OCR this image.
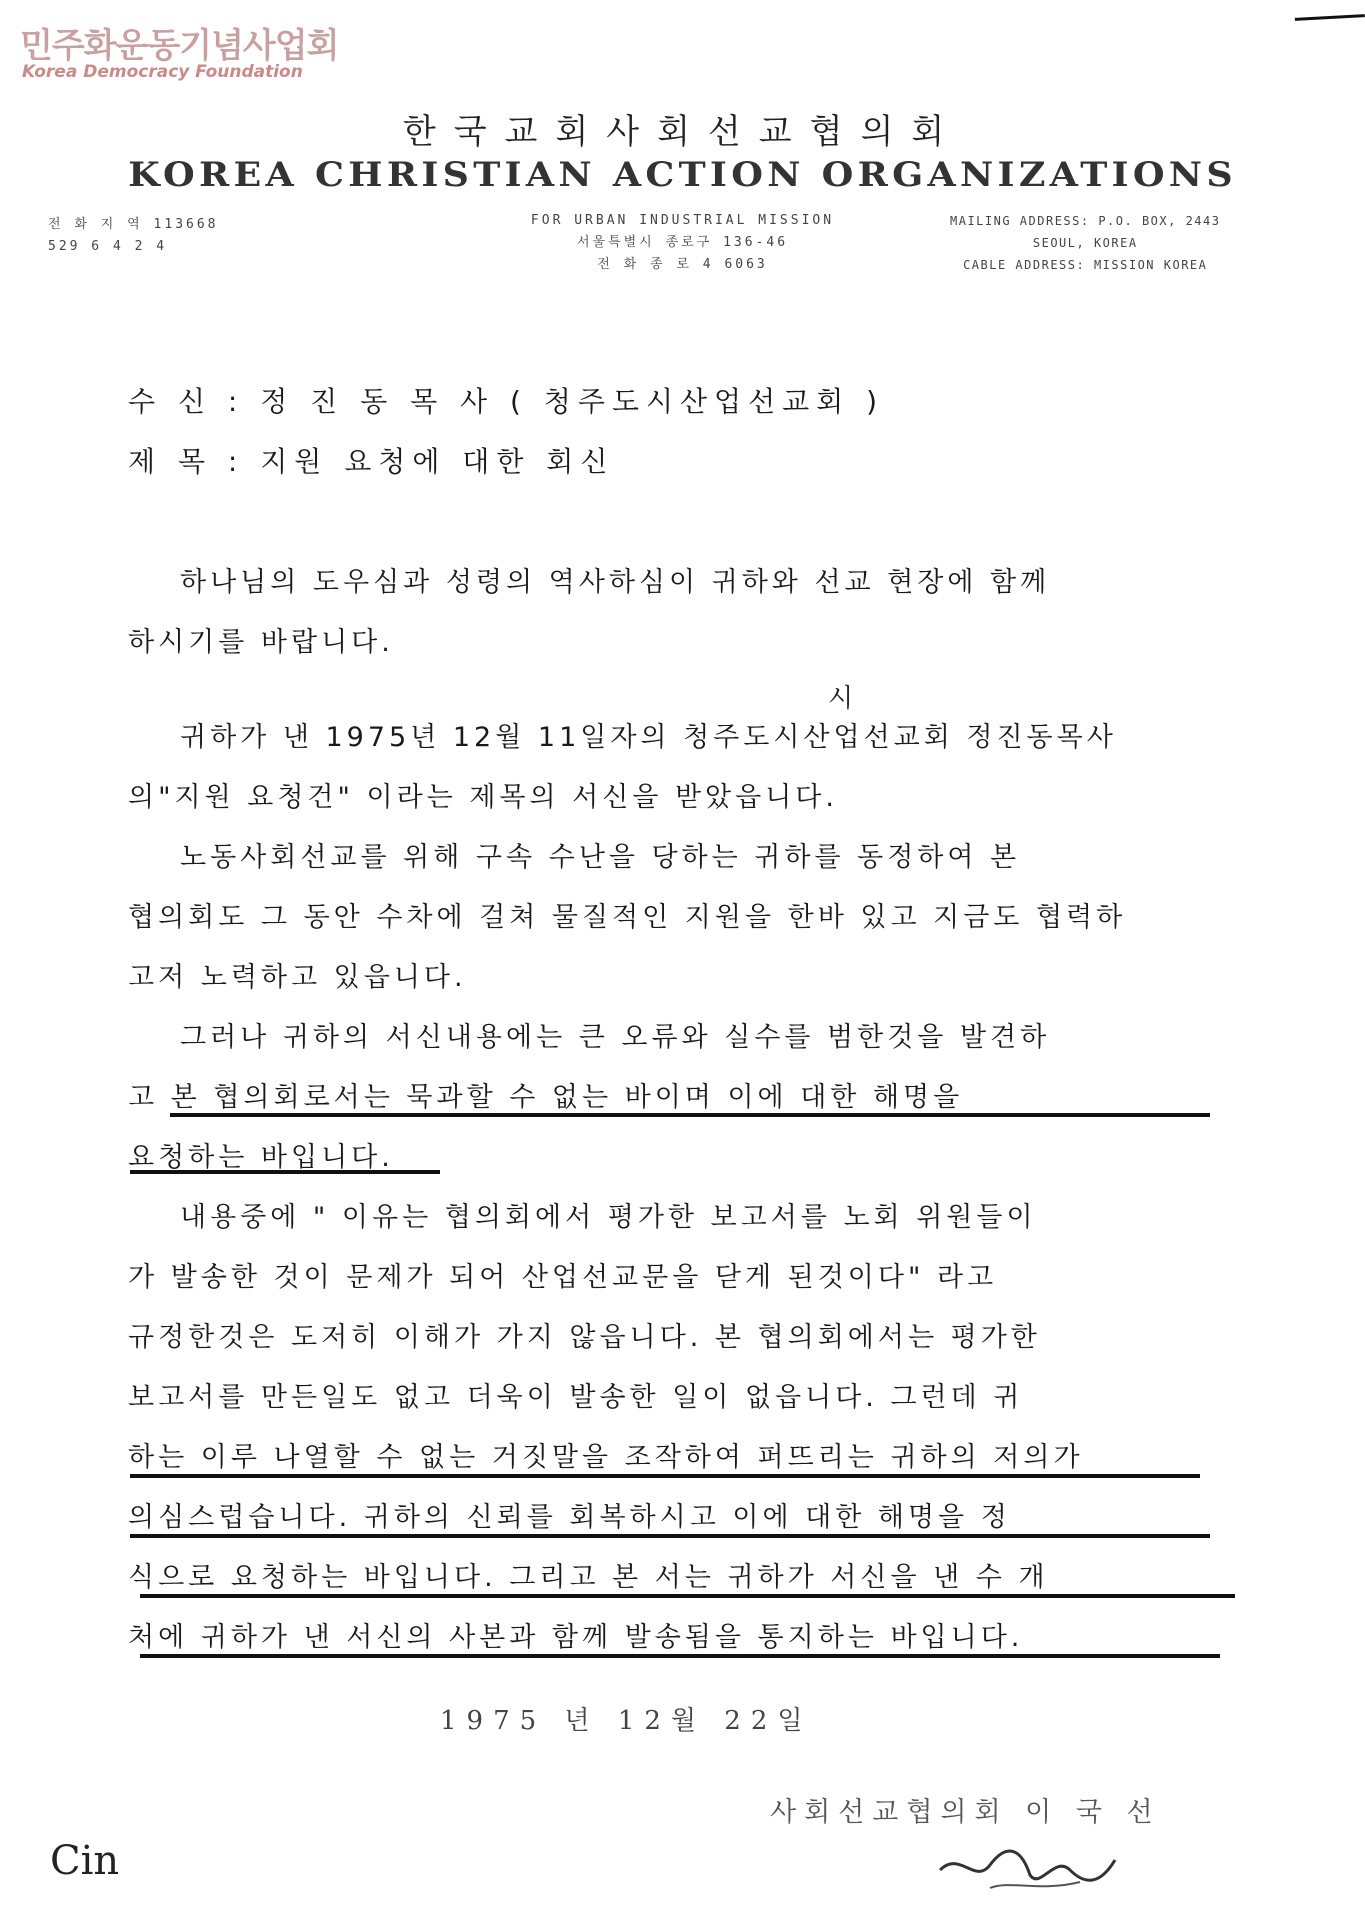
민주화운동기념사업회
Korea Democracy Foundation
한국교회사회선교협의회
KOREA CHRISTIAN ACTION ORGANIZATIONS
전 화 지 역 113668
529 6 4 2 4
FOR URBAN INDUSTRIAL MISSION
서울특별시 종로구 136-46
전 화 종 로 4 6063
MAILING ADDRESS: P.O. BOX, 2443
SEOUL, KOREA
CABLE ADDRESS: MISSION KOREA
수 신 : 정 진 동 목 사 ( 청주도시산업선교회 )
제 목 : 지원 요청에 대한 회신
하나님의 도우심과 성령의 역사하심이 귀하와 선교 현장에 함께
하시기를 바랍니다.
시
귀하가 낸 1975년 12월 11일자의 청주도시산업선교회 정진동목사
의"지원 요청건" 이라는 제목의 서신을 받았읍니다.
노동사회선교를 위해 구속 수난을 당하는 귀하를 동정하여 본
협의회도 그 동안 수차에 걸쳐 물질적인 지원을 한바 있고 지금도 협력하
고저 노력하고 있읍니다.
그러나 귀하의 서신내용에는 큰 오류와 실수를 범한것을 발견하
고 본 협의회로서는 묵과할 수 없는 바이며 이에 대한 해명을
요청하는 바입니다.
내용중에 " 이유는 협의회에서 평가한 보고서를 노회 위원들이
가 발송한 것이 문제가 되어 산업선교문을 닫게 된것이다" 라고
규정한것은 도저히 이해가 가지 않읍니다. 본 협의회에서는 평가한
보고서를 만든일도 없고 더욱이 발송한 일이 없읍니다. 그런데 귀
하는 이루 나열할 수 없는 거짓말을 조작하여 퍼뜨리는 귀하의 저의가
의심스럽습니다. 귀하의 신뢰를 회복하시고 이에 대한 해명을 정
식으로 요청하는 바입니다. 그리고 본 서는 귀하가 서신을 낸 수 개
처에 귀하가 낸 서신의 사본과 함께 발송됨을 통지하는 바입니다.
1975 년 12월 22일
사회선교협의회 이 국 선
Cin
